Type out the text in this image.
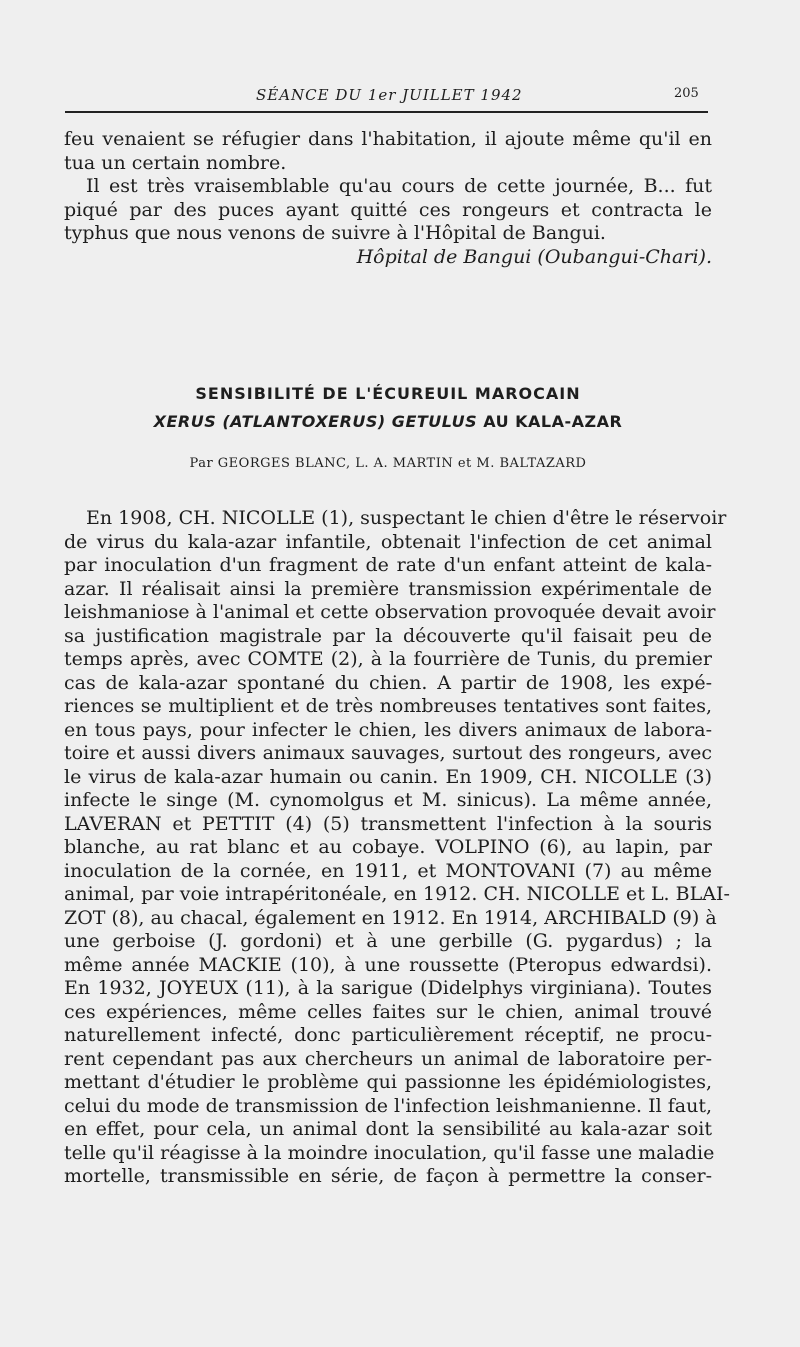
SÉANCE DU 1er JUILLET 1942	205
feu venaient se réfugier dans l'habitation, il ajoute même qu'il en
tua un certain nombre.
Il est très vraisemblable qu'au cours de cette journée, B... fut
piqué par des puces ayant quitté ces rongeurs et contracta le
typhus que nous venons de suivre à l'Hôpital de Bangui.
Hôpital de Bangui (Oubangui-Chari).
SENSIBILITÉ DE L'ÉCUREUIL MAROCAIN
XERUS (ATLANTOXERUS) GETULUS AU KALA-AZAR
Par GEORGES BLANC, L. A. MARTIN et M. BALTAZARD
En 1908, CH. NICOLLE (1), suspectant le chien d'être le réservoir
de virus du kala-azar infantile, obtenait l'infection de cet animal
par inoculation d'un fragment de rate d'un enfant atteint de kala-
azar. Il réalisait ainsi la première transmission expérimentale de
leishmaniose à l'animal et cette observation provoquée devait avoir
sa justification magistrale par la découverte qu'il faisait peu de
temps après, avec COMTE (2), à la fourrière de Tunis, du premier
cas de kala-azar spontané du chien. A partir de 1908, les expé-
riences se multiplient et de très nombreuses tentatives sont faites,
en tous pays, pour infecter le chien, les divers animaux de labora-
toire et aussi divers animaux sauvages, surtout des rongeurs, avec
le virus de kala-azar humain ou canin. En 1909, CH. NICOLLE (3)
infecte le singe (M. cynomolgus et M. sinicus). La même année,
LAVERAN et PETTIT (4) (5) transmettent l'infection à la souris
blanche, au rat blanc et au cobaye. VOLPINO (6), au lapin, par
inoculation de la cornée, en 1911, et MONTOVANI (7) au même
animal, par voie intrapéritonéale, en 1912. CH. NICOLLE et L. BLAI-
ZOT (8), au chacal, également en 1912. En 1914, ARCHIBALD (9) à
une gerboise (J. gordoni) et à une gerbille (G. pygardus) ; la
même année MACKIE (10), à une roussette (Pteropus edwardsi).
En 1932, JOYEUX (11), à la sarigue (Didelphys virginiana). Toutes
ces expériences, même celles faites sur le chien, animal trouvé
naturellement infecté, donc particulièrement réceptif, ne procu-
rent cependant pas aux chercheurs un animal de laboratoire per-
mettant d'étudier le problème qui passionne les épidémiologistes,
celui du mode de transmission de l'infection leishmanienne. Il faut,
en effet, pour cela, un animal dont la sensibilité au kala-azar soit
telle qu'il réagisse à la moindre inoculation, qu'il fasse une maladie
mortelle, transmissible en série, de façon à permettre la conser-
